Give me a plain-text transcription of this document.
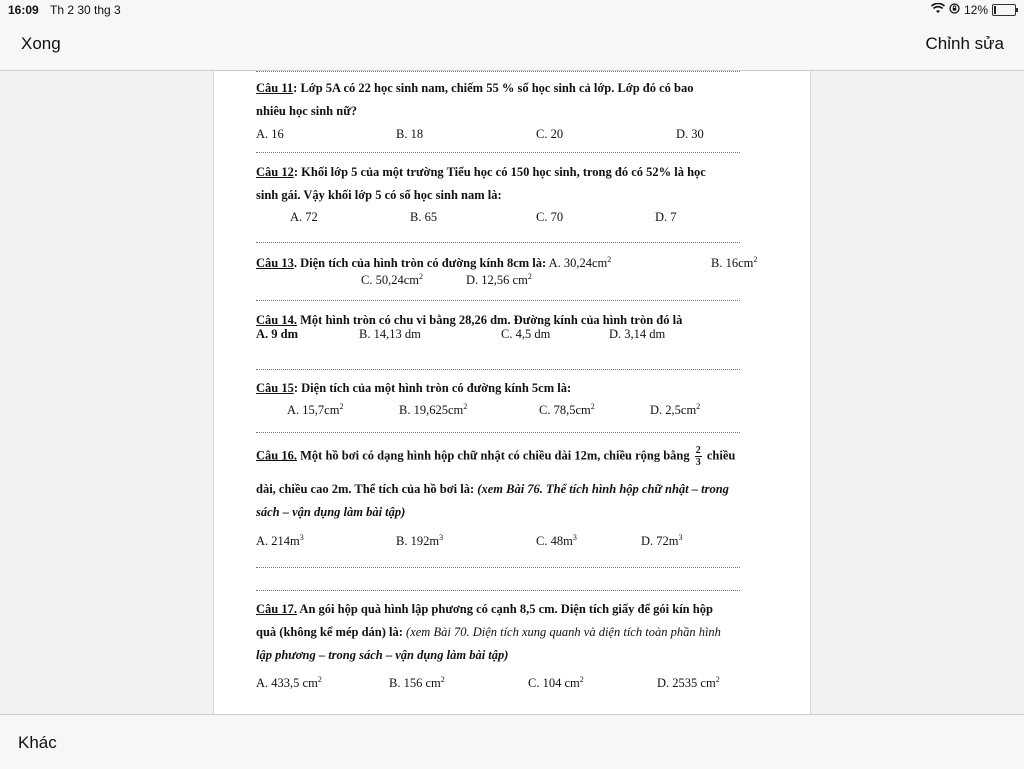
16:09 Th 2 30 thg 3	12%
Xong	Chỉnh sửa
Câu 11: Lớp 5A có 22 học sinh nam, chiếm 55 % số học sinh cả lớp. Lớp đó có bao
nhiêu học sinh nữ?
A. 16	B. 18	C. 20	D. 30
Câu 12: Khối lớp 5 của một trường Tiểu học có 150 học sinh, trong đó có 52% là học
sinh gái. Vậy khối lớp 5 có số học sinh nam là:
A. 72	B. 65	C. 70	D. 7
Câu 13. Diện tích của hình tròn có đường kính 8cm là: A. $30,24cm^2$	B. $16cm^2$
C. $50,24cm^2$	D. 12,56 $cm^2$
Câu 14. Một hình tròn có chu vi bằng 28,26 dm. Đường kính của hình tròn đó là
A. 9 dm	B. 14,13 dm	C. 4,5 dm	D. 3,14 dm
Câu 15: Diện tích của một hình tròn có đường kính 5cm là:
A. $15,7cm^2$	B. $19,625cm^2$	C. $78,5cm^2$	D. $2,5cm^2$
Câu 16. Một hồ bơi có dạng hình hộp chữ nhật có chiều dài 12m, chiều rộng bằng $\frac{2}{3}$ chiều
dài, chiều cao 2m. Thể tích của hồ bơi là: (xem Bài 76. Thể tích hình hộp chữ nhật – trong
sách – vận dụng làm bài tập)
A. $214m^3$	B. $192m^3$	C. $48m^3$	D. $72m^3$
Câu 17. An gói hộp quà hình lập phương có cạnh 8,5 cm. Diện tích giấy để gói kín hộp
quà (không kể mép dán) là: (xem Bài 70. Diện tích xung quanh và diện tích toàn phần hình
lập phương – trong sách – vận dụng làm bài tập)
A. 433,5 $cm^2$	B. 156 $cm^2$	C. 104 $cm^2$	D. 2535 $cm^2$
Khác
